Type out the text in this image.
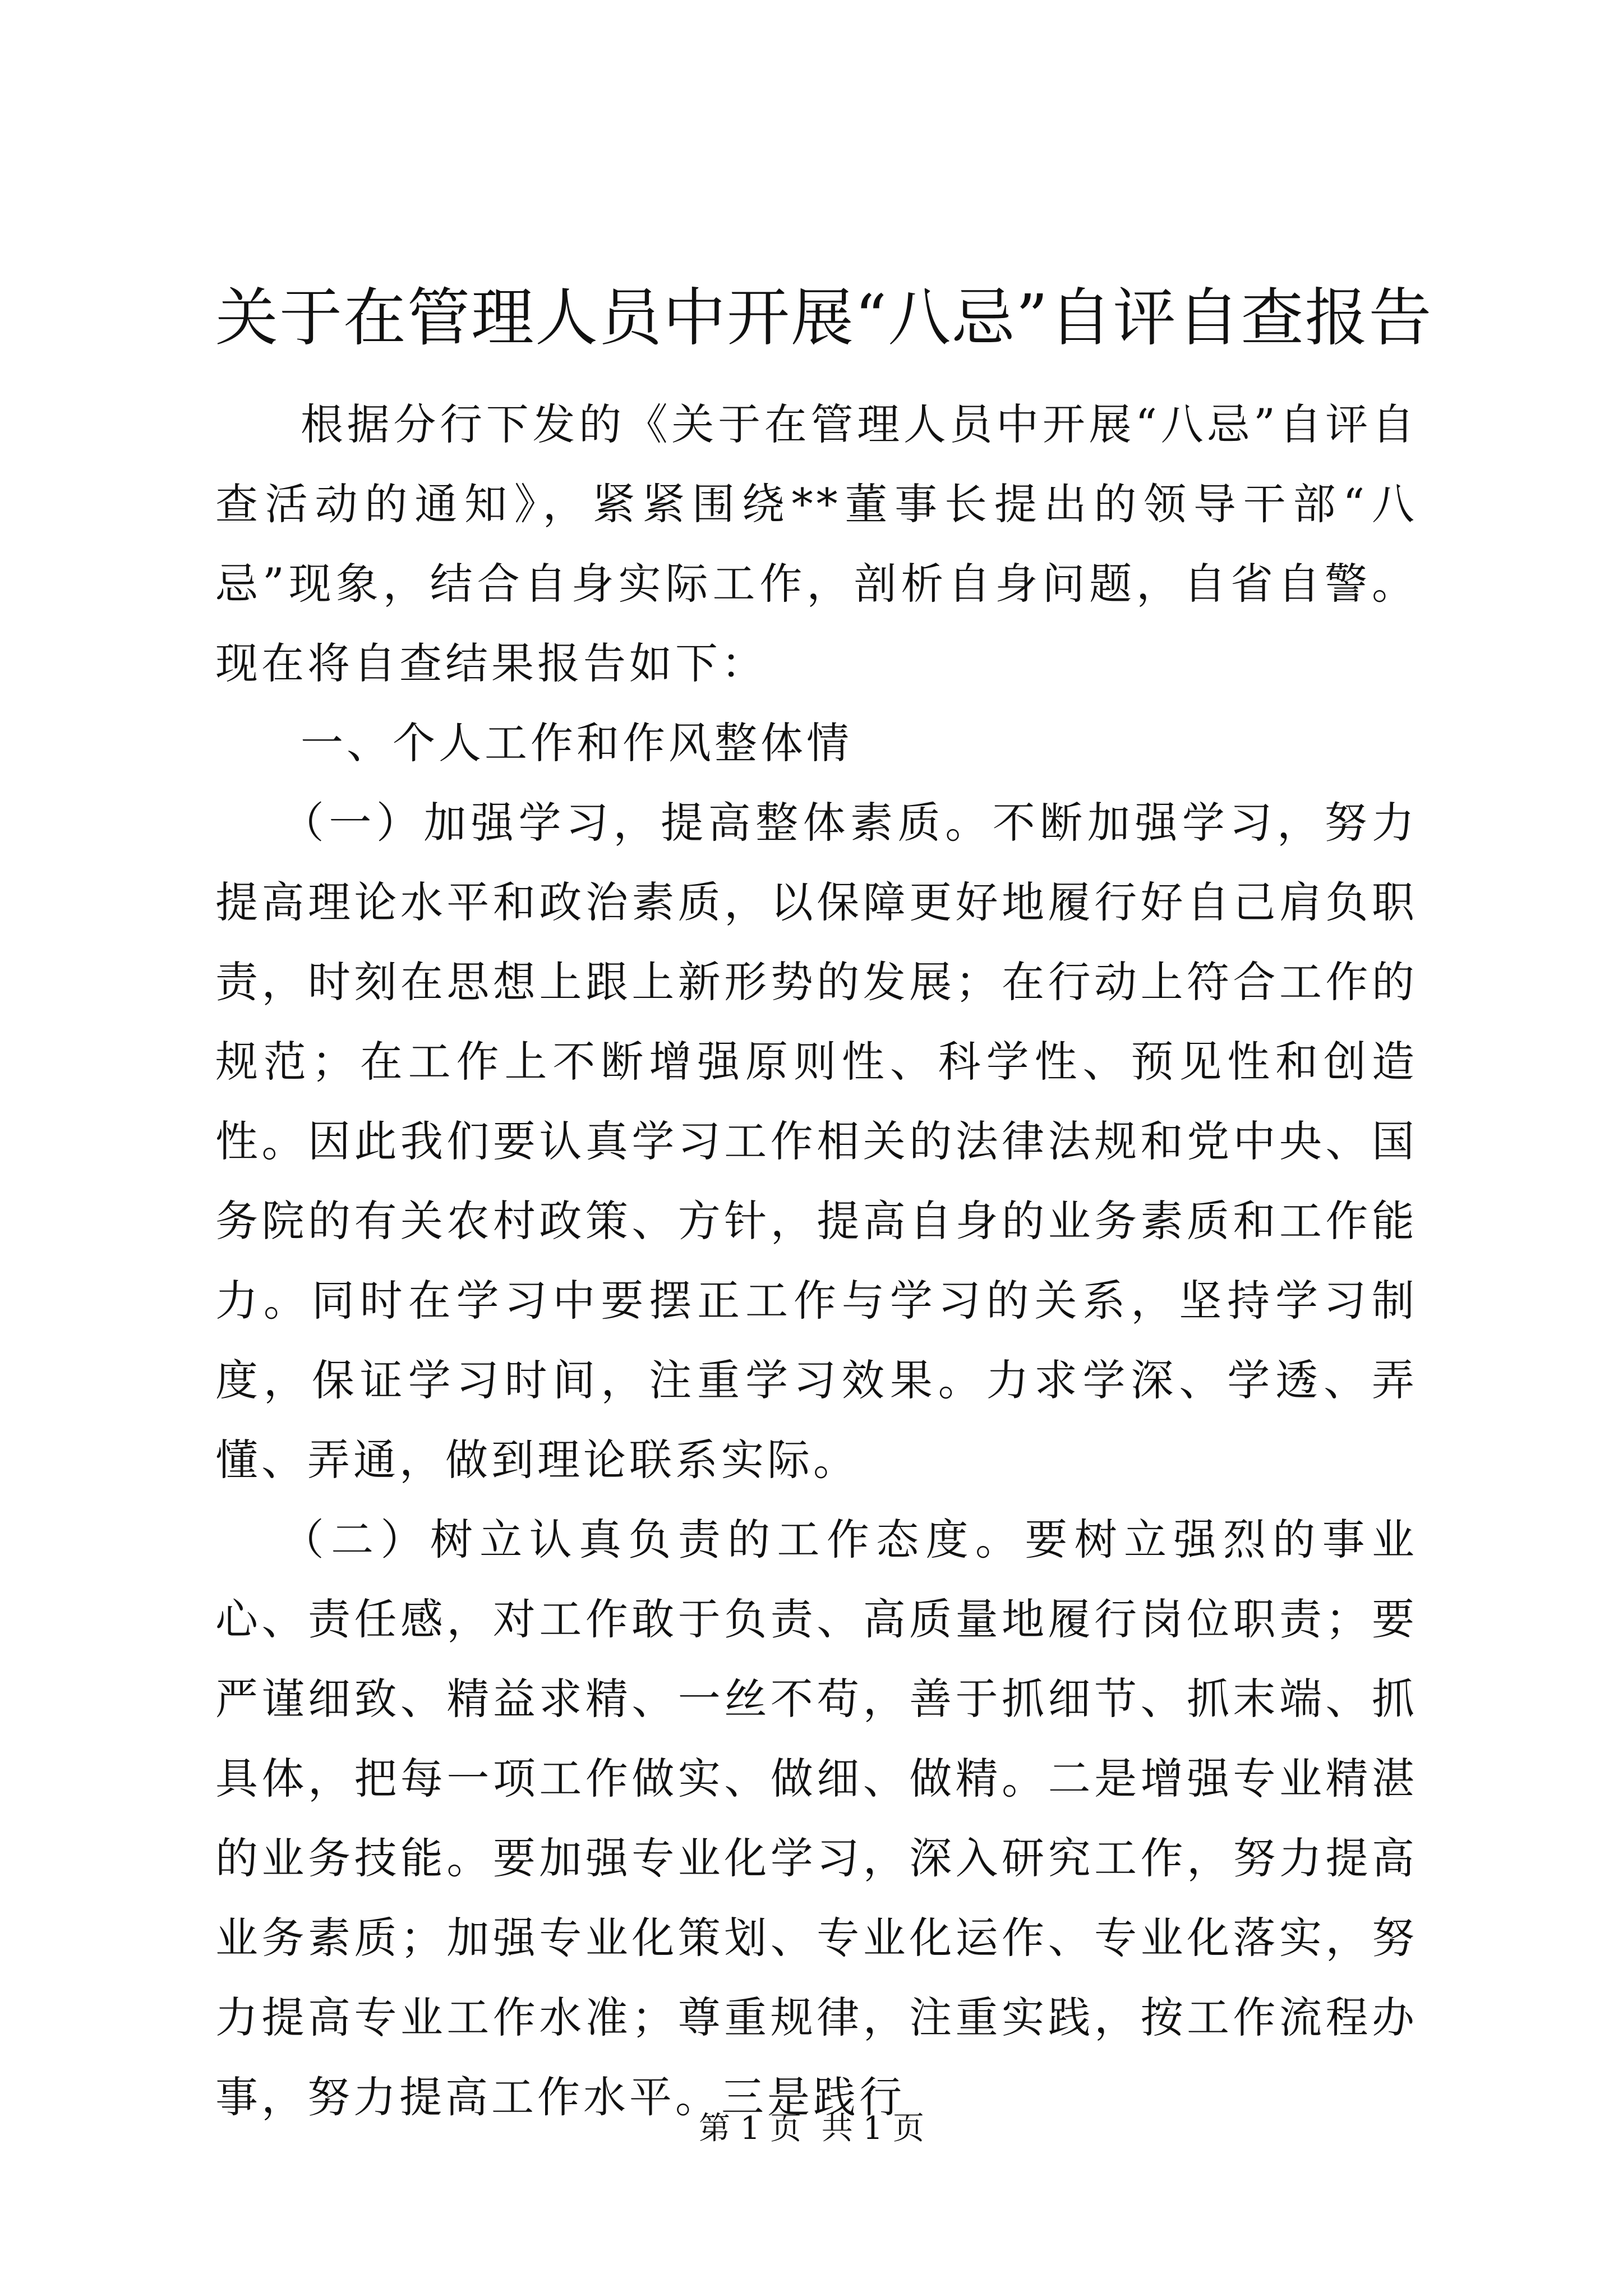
关于在管理人员中开展“八忌”自评自查报告

根据分行下发的《关于在管理人员中开展“八忌”自评自查活动的通知》，紧紧围绕**董事长提出的领导干部“八忌”现象，结合自身实际工作，剖析自身问题，自省自警。现在将自查结果报告如下：

一、个人工作和作风整体情

（一）加强学习，提高整体素质。不断加强学习，努力提高理论水平和政治素质，以保障更好地履行好自己肩负职责，时刻在思想上跟上新形势的发展；在行动上符合工作的规范；在工作上不断增强原则性、科学性、预见性和创造性。因此我们要认真学习工作相关的法律法规和党中央、国务院的有关农村政策、方针，提高自身的业务素质和工作能力。同时在学习中要摆正工作与学习的关系，坚持学习制度，保证学习时间，注重学习效果。力求学深、学透、弄懂、弄通，做到理论联系实际。

（二）树立认真负责的工作态度。要树立强烈的事业心、责任感，对工作敢于负责、高质量地履行岗位职责；要严谨细致、精益求精、一丝不苟，善于抓细节、抓末端、抓具体，把每一项工作做实、做细、做精。二是增强专业精湛的业务技能。要加强专业化学习，深入研究工作，努力提高业务素质；加强专业化策划、专业化运作、专业化落实，努力提高专业工作水准；尊重规律，注重实践，按工作流程办事，努力提高工作水平。三是践行

第 1 页  共 1 页
